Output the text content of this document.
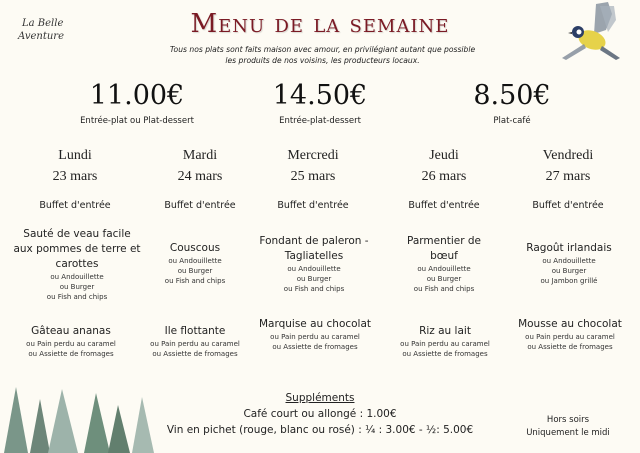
La Belle
Aventure	Menu de la semaine
Tous nos plats sont faits maison avec amour, en privilégiant autant que possible
les produits de nos voisins, les producteurs locaux.
11.00€
Entrée-plat ou Plat-dessert
14.50€
Entrée-plat-dessert
8.50€
Plat-café
Lundi
23 mars
Buffet d'entrée
Mardi
24 mars
Buffet d'entrée
Mercredi
25 mars
Buffet d'entrée
Jeudi
26 mars
Buffet d'entrée
Vendredi
27 mars
Buffet d'entrée
Sauté de veau facile aux pommes de terre et carottes
ou Andouillette
ou Burger
ou Fish and chips
Couscous
ou Andouillette
ou Burger
ou Fish and chips
Fondant de paleron - Tagliatelles
ou Andouillette
ou Burger
ou Fish and chips
Parmentier de bœuf
ou Andouillette
ou Burger
ou Fish and chips
Ragoût irlandais
ou Andouillette
ou Burger
ou Jambon grillé
Gâteau ananas
ou Pain perdu au caramel
ou Assiette de fromages
Ile flottante
ou Pain perdu au caramel
ou Assiette de fromages
Marquise au chocolat
ou Pain perdu au caramel
ou Assiette de fromages
Riz au lait
ou Pain perdu au caramel
ou Assiette de fromages
Mousse au chocolat
ou Pain perdu au caramel
ou Assiette de fromages
Suppléments
Café court ou allongé : 1.00€
Vin en pichet (rouge, blanc ou rosé) : ¼ : 3.00€ - ½: 5.00€
Hors soirs
Uniquement le midi
